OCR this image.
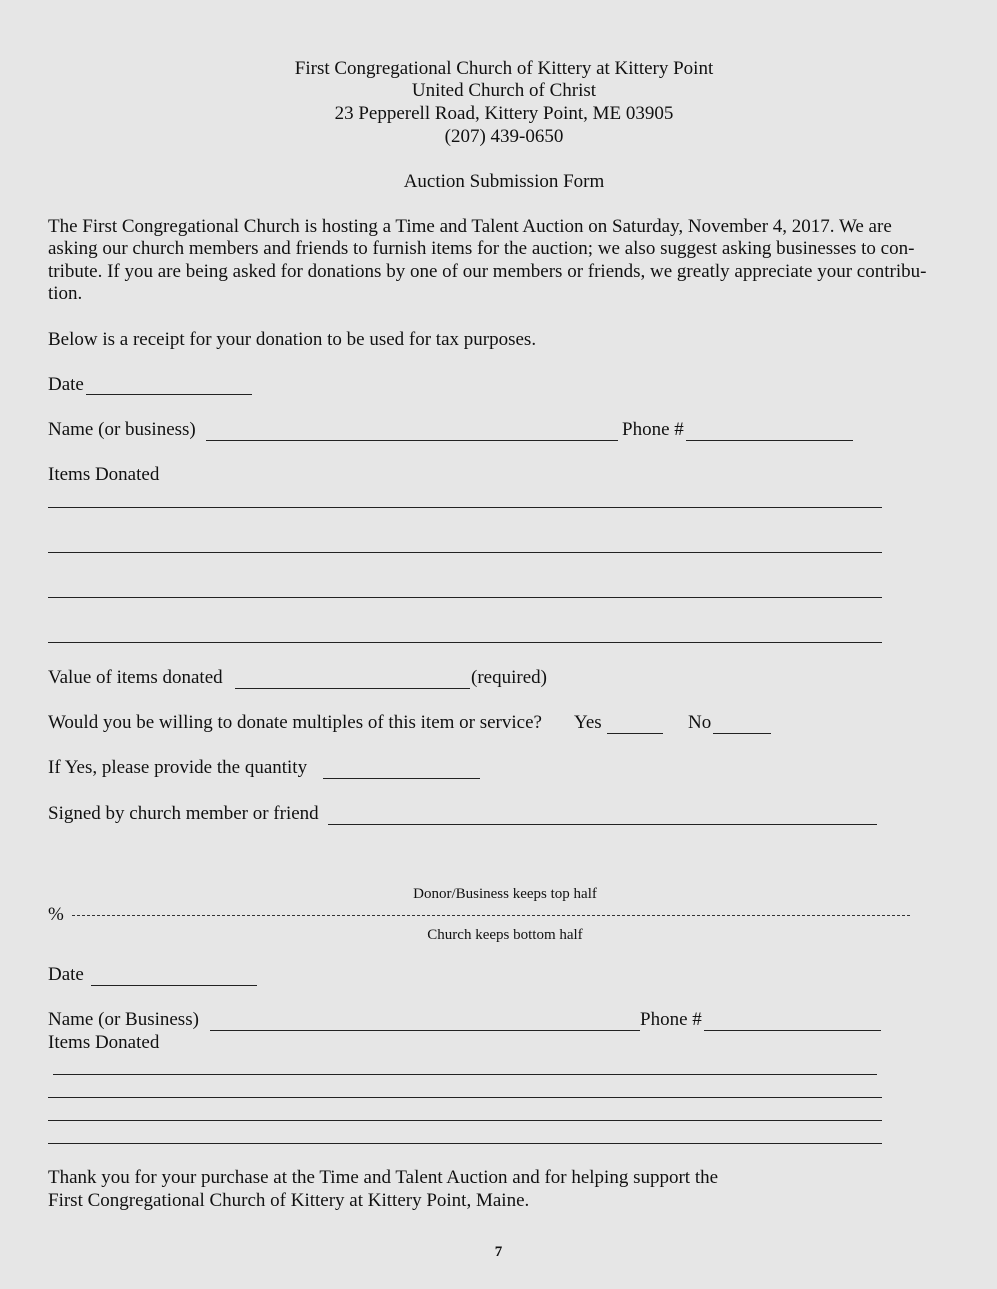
First Congregational Church of Kittery at Kittery Point
United Church of Christ
23 Pepperell Road, Kittery Point, ME 03905
(207) 439-0650
Auction Submission Form
The First Congregational Church is hosting a Time and Talent Auction on Saturday, November 4, 2017. We are
asking our church members and friends to furnish items for the auction; we also suggest asking businesses to con-
tribute. If you are being asked for donations by one of our members or friends, we greatly appreciate your contribu-
tion.
Below is a receipt for your donation to be used for tax purposes.
Date
Name (or business)	Phone #
Items Donated
Value of items donated	(required)
Would you be willing to donate multiples of this item or service? Yes	No
If Yes, please provide the quantity
Signed by church member or friend
Donor/Business keeps top half
%
Church keeps bottom half
Date
Name (or Business)	Phone #
Items Donated
Thank you for your purchase at the Time and Talent Auction and for helping support the
First Congregational Church of Kittery at Kittery Point, Maine.
7
